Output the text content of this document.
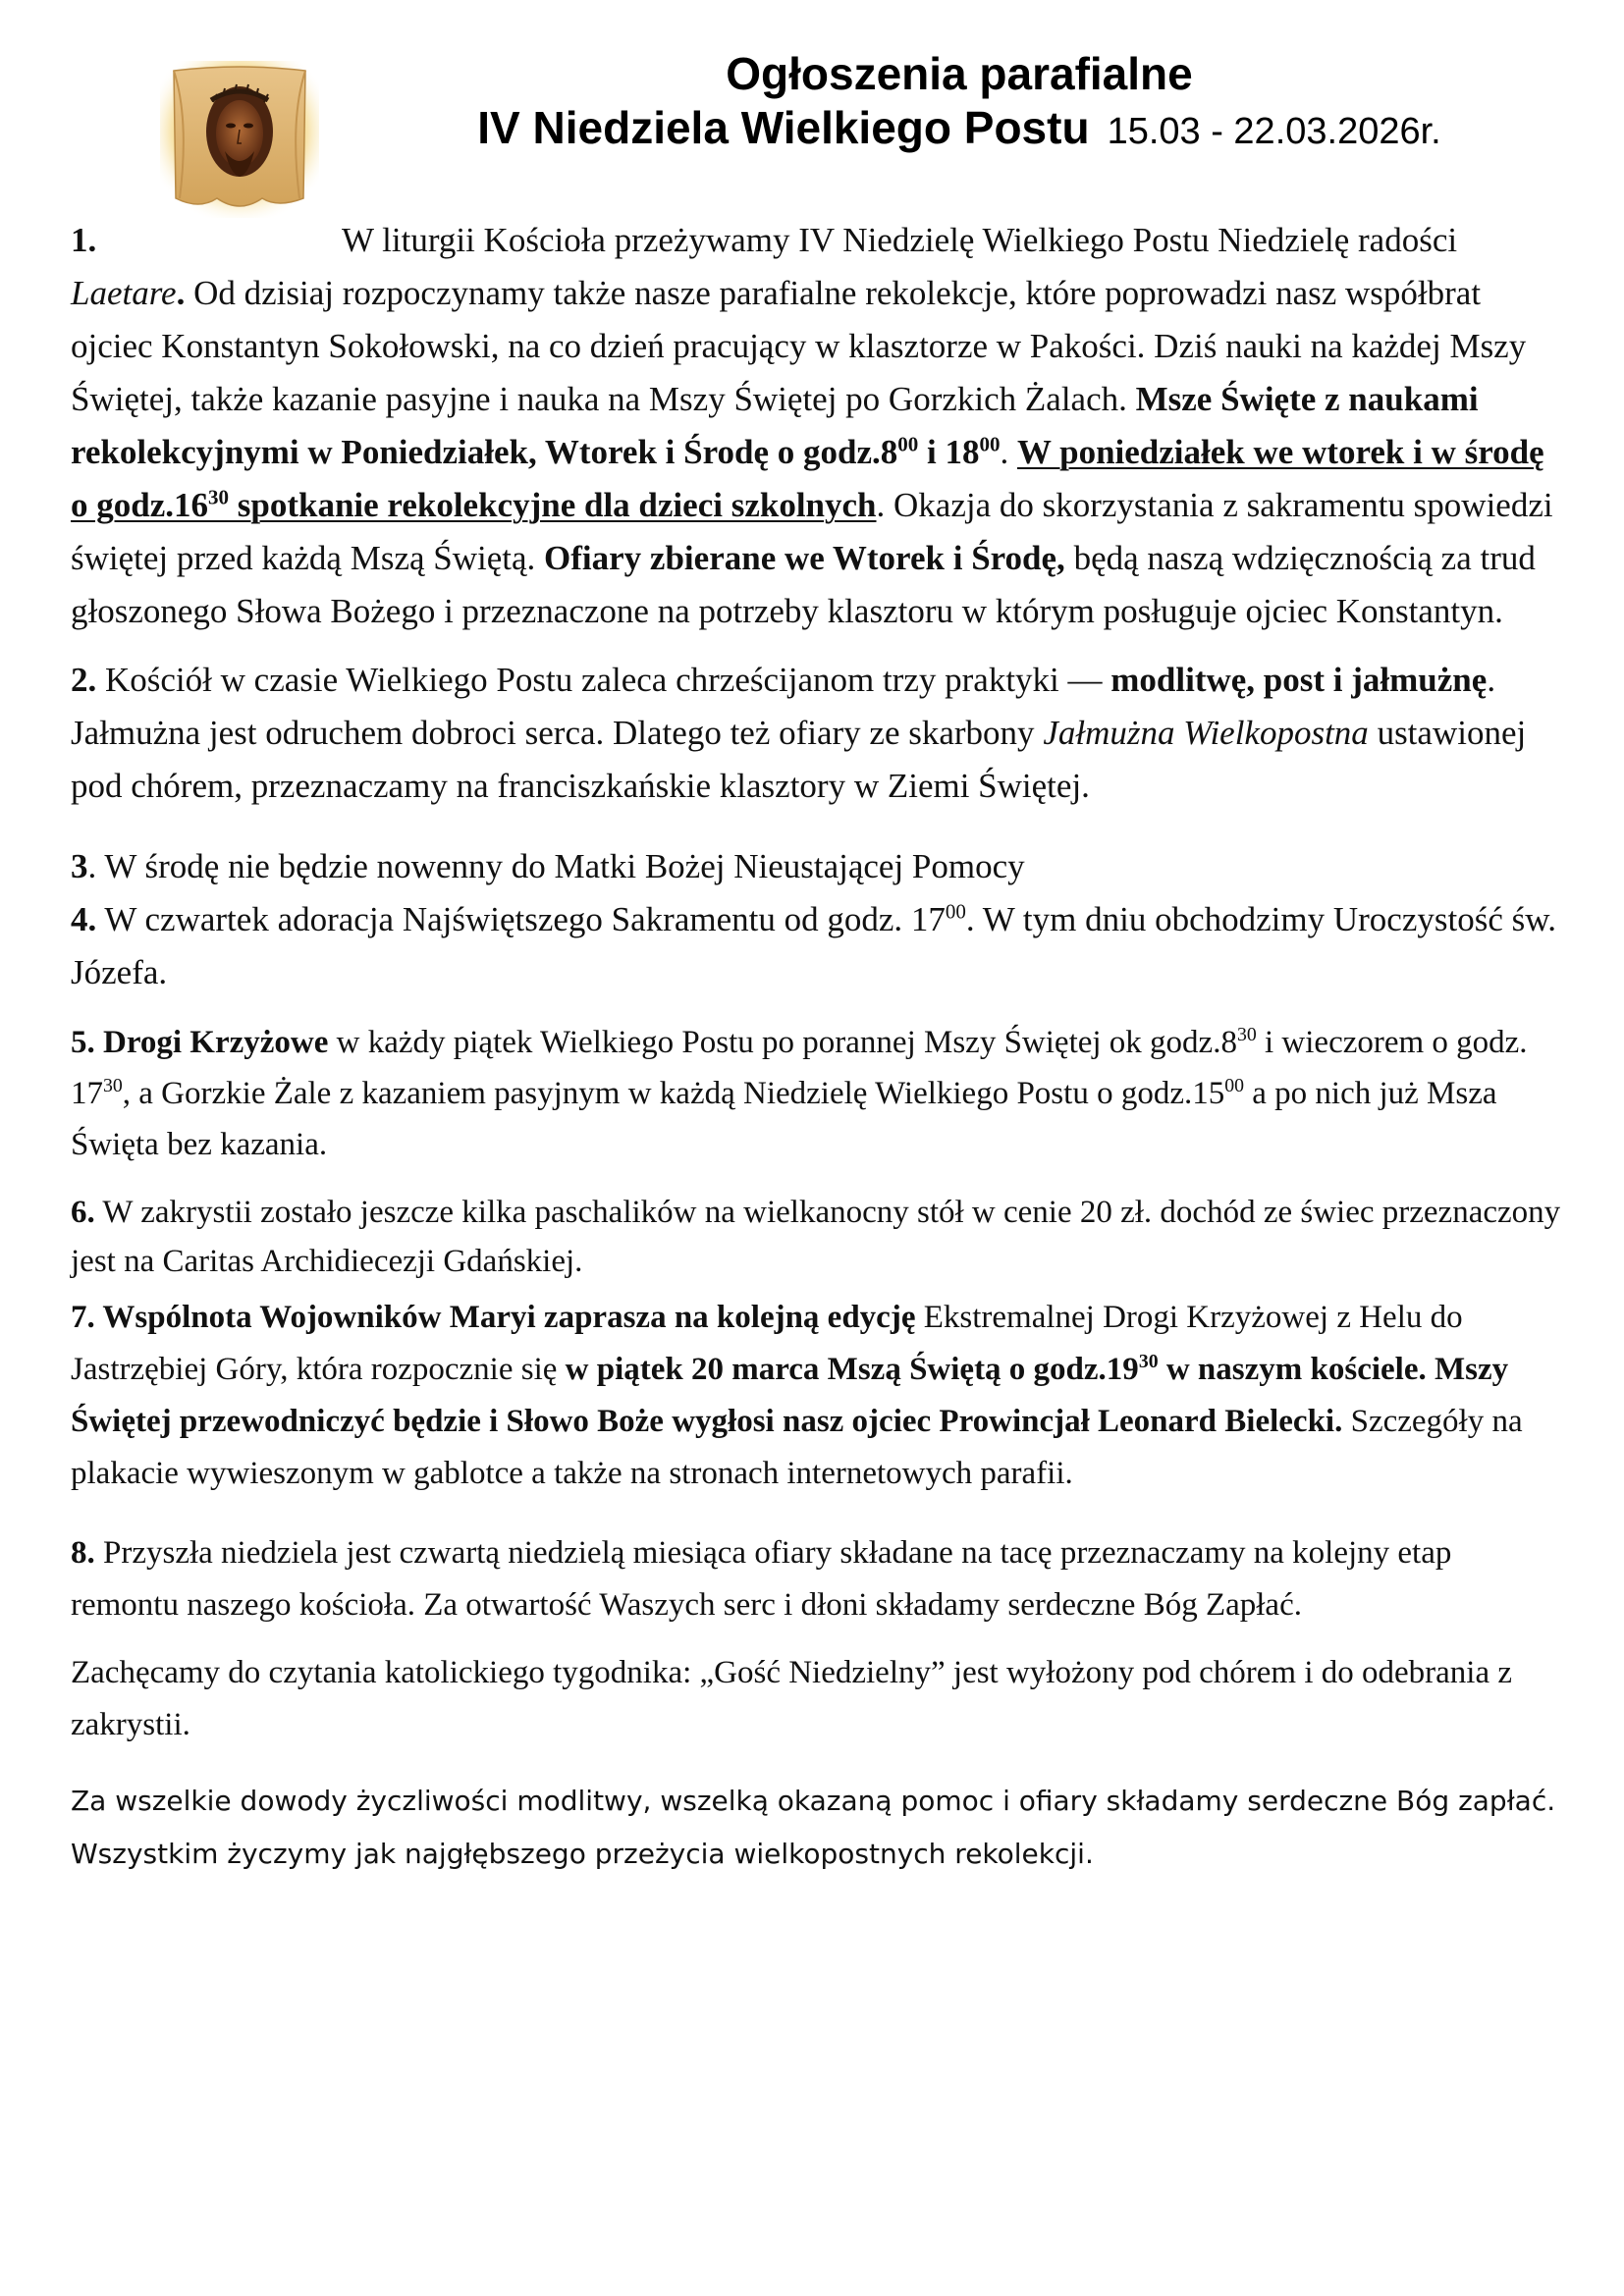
Ogłoszenia parafialne
IV Niedziela Wielkiego Postu 15.03 - 22.03.2026r.

1.	W liturgii Kościoła przeżywamy IV Niedzielę Wielkiego Postu Niedzielę radości Laetare. Od dzisiaj rozpoczynamy także nasze parafialne rekolekcje, które poprowadzi nasz współbrat ojciec Konstantyn Sokołowski, na co dzień pracujący w klasztorze w Pakości. Dziś nauki na każdej Mszy Świętej, także kazanie pasyjne i nauka na Mszy Świętej po Gorzkich Żalach. Msze Święte z naukami rekolekcyjnymi w Poniedziałek, Wtorek i Środę o $godz.8^{00}$ i $18^{00}$. W poniedziałek we wtorek i w środę o $godz.16^{30}$ spotkanie rekolekcyjne dla dzieci szkolnych. Okazja do skorzystania z sakramentu spowiedzi świętej przed każdą Mszą Świętą. Ofiary zbierane we Wtorek i Środę, będą naszą wdzięcznością za trud głoszonego Słowa Bożego i przeznaczone na potrzeby klasztoru w którym posługuje ojciec Konstantyn.

2. Kościół w czasie Wielkiego Postu zaleca chrześcijanom trzy praktyki — modlitwę, post i jałmużnę. Jałmużna jest odruchem dobroci serca. Dlatego też ofiary ze skarbony Jałmużna Wielkopostna ustawionej pod chórem, przeznaczamy na franciszkańskie klasztory w Ziemi Świętej.

3. W środę nie będzie nowenny do Matki Bożej Nieustającej Pomocy

4. W czwartek adoracja Najświętszego Sakramentu od godz. $17^{00}$. W tym dniu obchodzimy Uroczystość św. Józefa.

5. Drogi Krzyżowe w każdy piątek Wielkiego Postu po porannej Mszy Świętej ok $godz.8^{30}$ i wieczorem o godz. $17^{30}$, a Gorzkie Żale z kazaniem pasyjnym w każdą Niedzielę Wielkiego Postu o $godz.15^{00}$ a po nich już Msza Święta bez kazania.

6. W zakrystii zostało jeszcze kilka paschalików na wielkanocny stół w cenie 20 zł. dochód ze świec przeznaczony jest na Caritas Archidiecezji Gdańskiej.

7. Wspólnota Wojowników Maryi zaprasza na kolejną edycję Ekstremalnej Drogi Krzyżowej z Helu do Jastrzębiej Góry, która rozpocznie się w piątek 20 marca Mszą Świętą o $godz.19^{30}$ w naszym kościele. Mszy Świętej przewodniczyć będzie i Słowo Boże wygłosi nasz ojciec Prowincjał Leonard Bielecki. Szczegóły na plakacie wywieszonym w gablotce a także na stronach internetowych parafii.

8. Przyszła niedziela jest czwartą niedzielą miesiąca ofiary składane na tacę przeznaczamy na kolejny etap remontu naszego kościoła. Za otwartość Waszych serc i dłoni składamy serdeczne Bóg Zapłać.

Zachęcamy do czytania katolickiego tygodnika: „Gość Niedzielny” jest wyłożony pod chórem i do odebrania z zakrystii.

Za wszelkie dowody życzliwości modlitwy, wszelką okazaną pomoc i ofiary składamy serdeczne Bóg zapłać. Wszystkim życzymy jak najgłębszego przeżycia wielkopostnych rekolekcji.
